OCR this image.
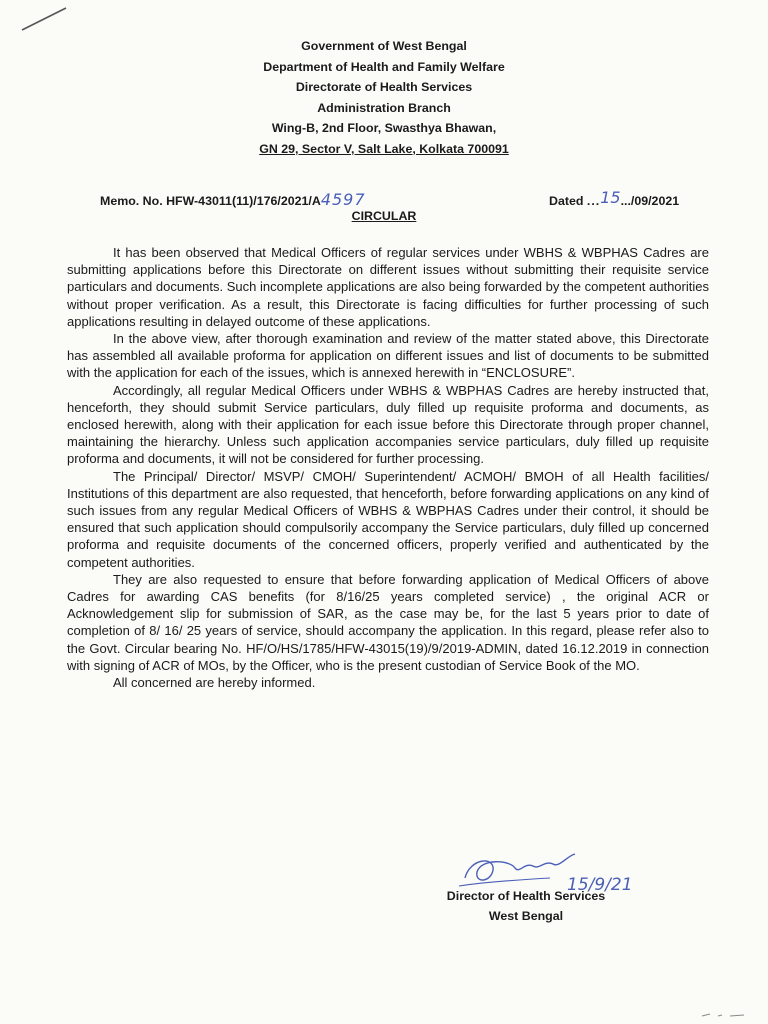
Government of West Bengal
Department of Health and Family Welfare
Directorate of Health Services
Administration Branch
Wing-B, 2nd Floor, Swasthya Bhawan,
GN 29, Sector V, Salt Lake, Kolkata 700091
Memo. No. HFW-43011(11)/176/2021/A4597	Dated ...15.../09/2021
CIRCULAR

It has been observed that Medical Officers of regular services under WBHS & WBPHAS Cadres are submitting applications before this Directorate on different issues without submitting their requisite service particulars and documents. Such incomplete applications are also being forwarded by the competent authorities without proper verification. As a result, this Directorate is facing difficulties for further processing of such applications resulting in delayed outcome of these applications.

In the above view, after thorough examination and review of the matter stated above, this Directorate has assembled all available proforma for application on different issues and list of documents to be submitted with the application for each of the issues, which is annexed herewith in “ENCLOSURE”.

Accordingly, all regular Medical Officers under WBHS & WBPHAS Cadres are hereby instructed that, henceforth, they should submit Service particulars, duly filled up requisite proforma and documents, as enclosed herewith, along with their application for each issue before this Directorate through proper channel, maintaining the hierarchy. Unless such application accompanies service particulars, duly filled up requisite proforma and documents, it will not be considered for further processing.

The Principal/ Director/ MSVP/ CMOH/ Superintendent/ ACMOH/ BMOH of all Health facilities/ Institutions of this department are also requested, that henceforth, before forwarding applications on any kind of such issues from any regular Medical Officers of WBHS & WBPHAS Cadres under their control, it should be ensured that such application should compulsorily accompany the Service particulars, duly filled up concerned proforma and requisite documents of the concerned officers, properly verified and authenticated by the competent authorities.

They are also requested to ensure that before forwarding application of Medical Officers of above Cadres for awarding CAS benefits (for 8/16/25 years completed service) , the original ACR or Acknowledgement slip for submission of SAR, as the case may be, for the last 5 years prior to date of completion of 8/ 16/ 25 years of service, should accompany the application. In this regard, please refer also to the Govt. Circular bearing No. HF/O/HS/1785/HFW-43015(19)/9/2019-ADMIN, dated 16.12.2019 in connection with signing of ACR of MOs, by the Officer, who is the present custodian of Service Book of the MO.

All concerned are hereby informed.

15/9/21
Director of Health Services
West Bengal
